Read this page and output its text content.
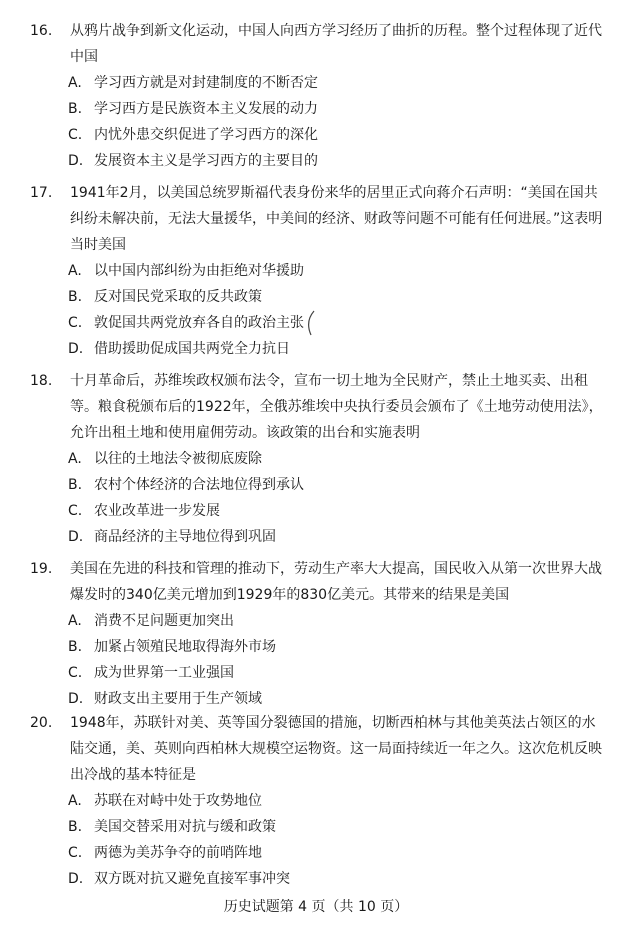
16. 从鸦片战争到新文化运动，中国人向西方学习经历了曲折的历程。整个过程体现了近代中国
A. 学习西方就是对封建制度的不断否定
B. 学习西方是民族资本主义发展的动力
C. 内忧外患交织促进了学习西方的深化
D. 发展资本主义是学习西方的主要目的
17. 1941年2月，以美国总统罗斯福代表身份来华的居里正式向蒋介石声明：“美国在国共纠纷未解决前，无法大量援华，中美间的经济、财政等问题不可能有任何进展。”这表明当时美国
A. 以中国内部纠纷为由拒绝对华援助
B. 反对国民党采取的反共政策
C. 敦促国共两党放弃各自的政治主张
D. 借助援助促成国共两党全力抗日
18. 十月革命后，苏维埃政权颁布法令，宣布一切土地为全民财产，禁止土地买卖、出租等。粮食税颁布后的1922年，全俄苏维埃中央执行委员会颁布了《土地劳动使用法》，允许出租土地和使用雇佣劳动。该政策的出台和实施表明
A. 以往的土地法令被彻底废除
B. 农村个体经济的合法地位得到承认
C. 农业改革进一步发展
D. 商品经济的主导地位得到巩固
19. 美国在先进的科技和管理的推动下，劳动生产率大大提高，国民收入从第一次世界大战爆发时的340亿美元增加到1929年的830亿美元。其带来的结果是美国
A. 消费不足问题更加突出
B. 加紧占领殖民地取得海外市场
C. 成为世界第一工业强国
D. 财政支出主要用于生产领域
20. 1948年，苏联针对美、英等国分裂德国的措施，切断西柏林与其他美英法占领区的水陆交通，美、英则向西柏林大规模空运物资。这一局面持续近一年之久。这次危机反映出冷战的基本特征是
A. 苏联在对峙中处于攻势地位
B. 美国交替采用对抗与缓和政策
C. 两德为美苏争夺的前哨阵地
D. 双方既对抗又避免直接军事冲突
历史试题第 4 页（共 10 页）
